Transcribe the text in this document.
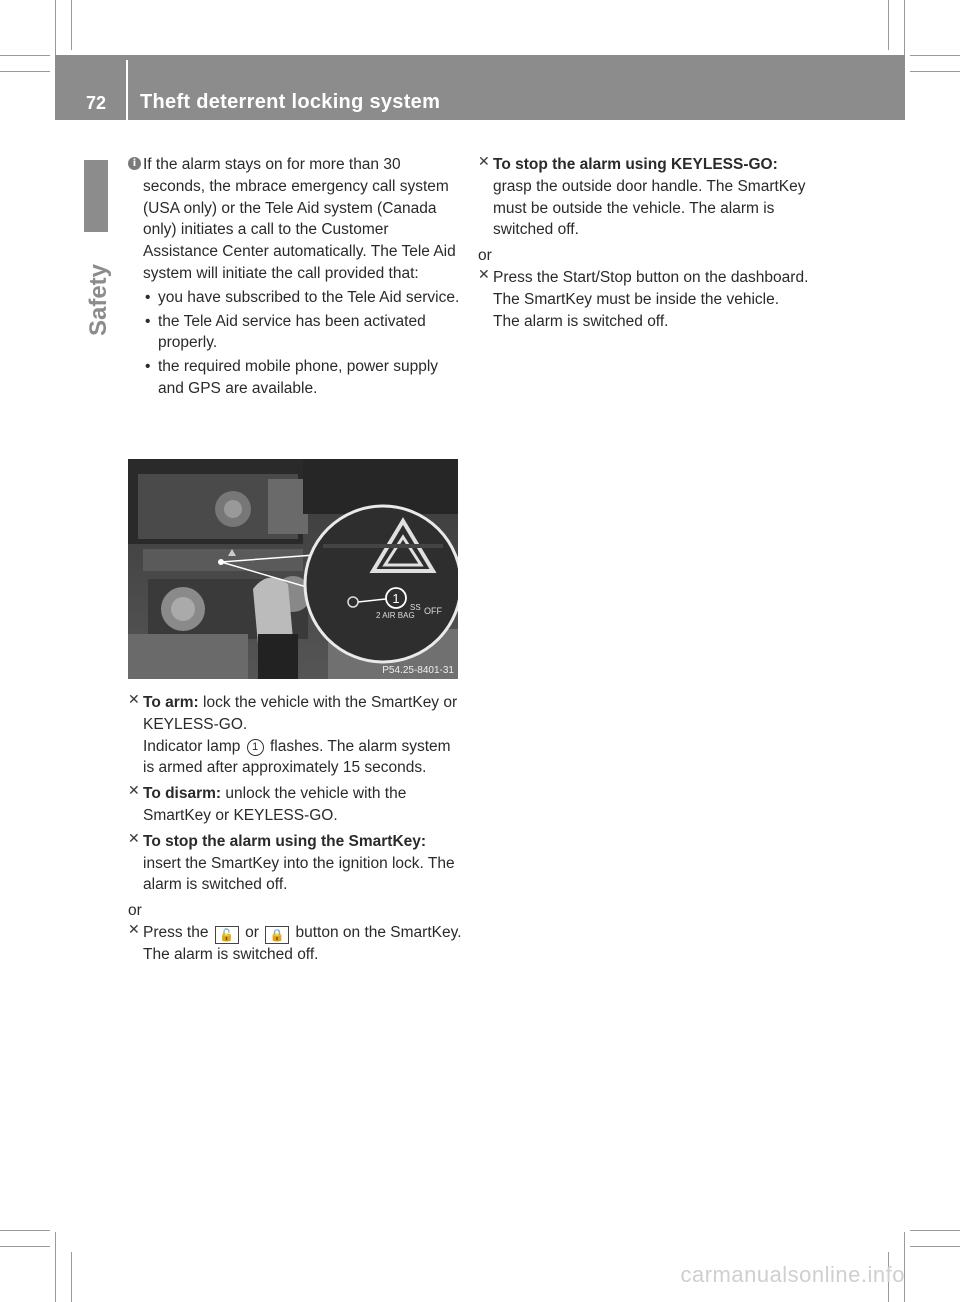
72	Theft deterrent locking system
Safety
i If the alarm stays on for more than 30 seconds, the mbrace emergency call system (USA only) or the Tele Aid system (Canada only) initiates a call to the Customer Assistance Center automatically. The Tele Aid system will initiate the call provided that:

• you have subscribed to the Tele Aid service.
• the Tele Aid service has been activated properly.
• the required mobile phone, power supply and GPS are available.
1
2 AIR BAG
SS OFF
P54.25-8401-31
✕ To arm: lock the vehicle with the SmartKey or KEYLESS-GO.

Indicator lamp 1 flashes. The alarm system is armed after approximately 15 seconds.

✕ To disarm: unlock the vehicle with the SmartKey or KEYLESS-GO.

✕ To stop the alarm using the SmartKey:

insert the SmartKey into the ignition lock. The alarm is switched off.

or

✕ Press the 🔓 or 🔒 button on the SmartKey.

The alarm is switched off.

✕ To stop the alarm using KEYLESS-GO:

grasp the outside door handle. The SmartKey must be outside the vehicle. The alarm is switched off.

or

✕ Press the Start/Stop button on the dashboard. The SmartKey must be inside the vehicle.

The alarm is switched off.

carmanualsonline.info
